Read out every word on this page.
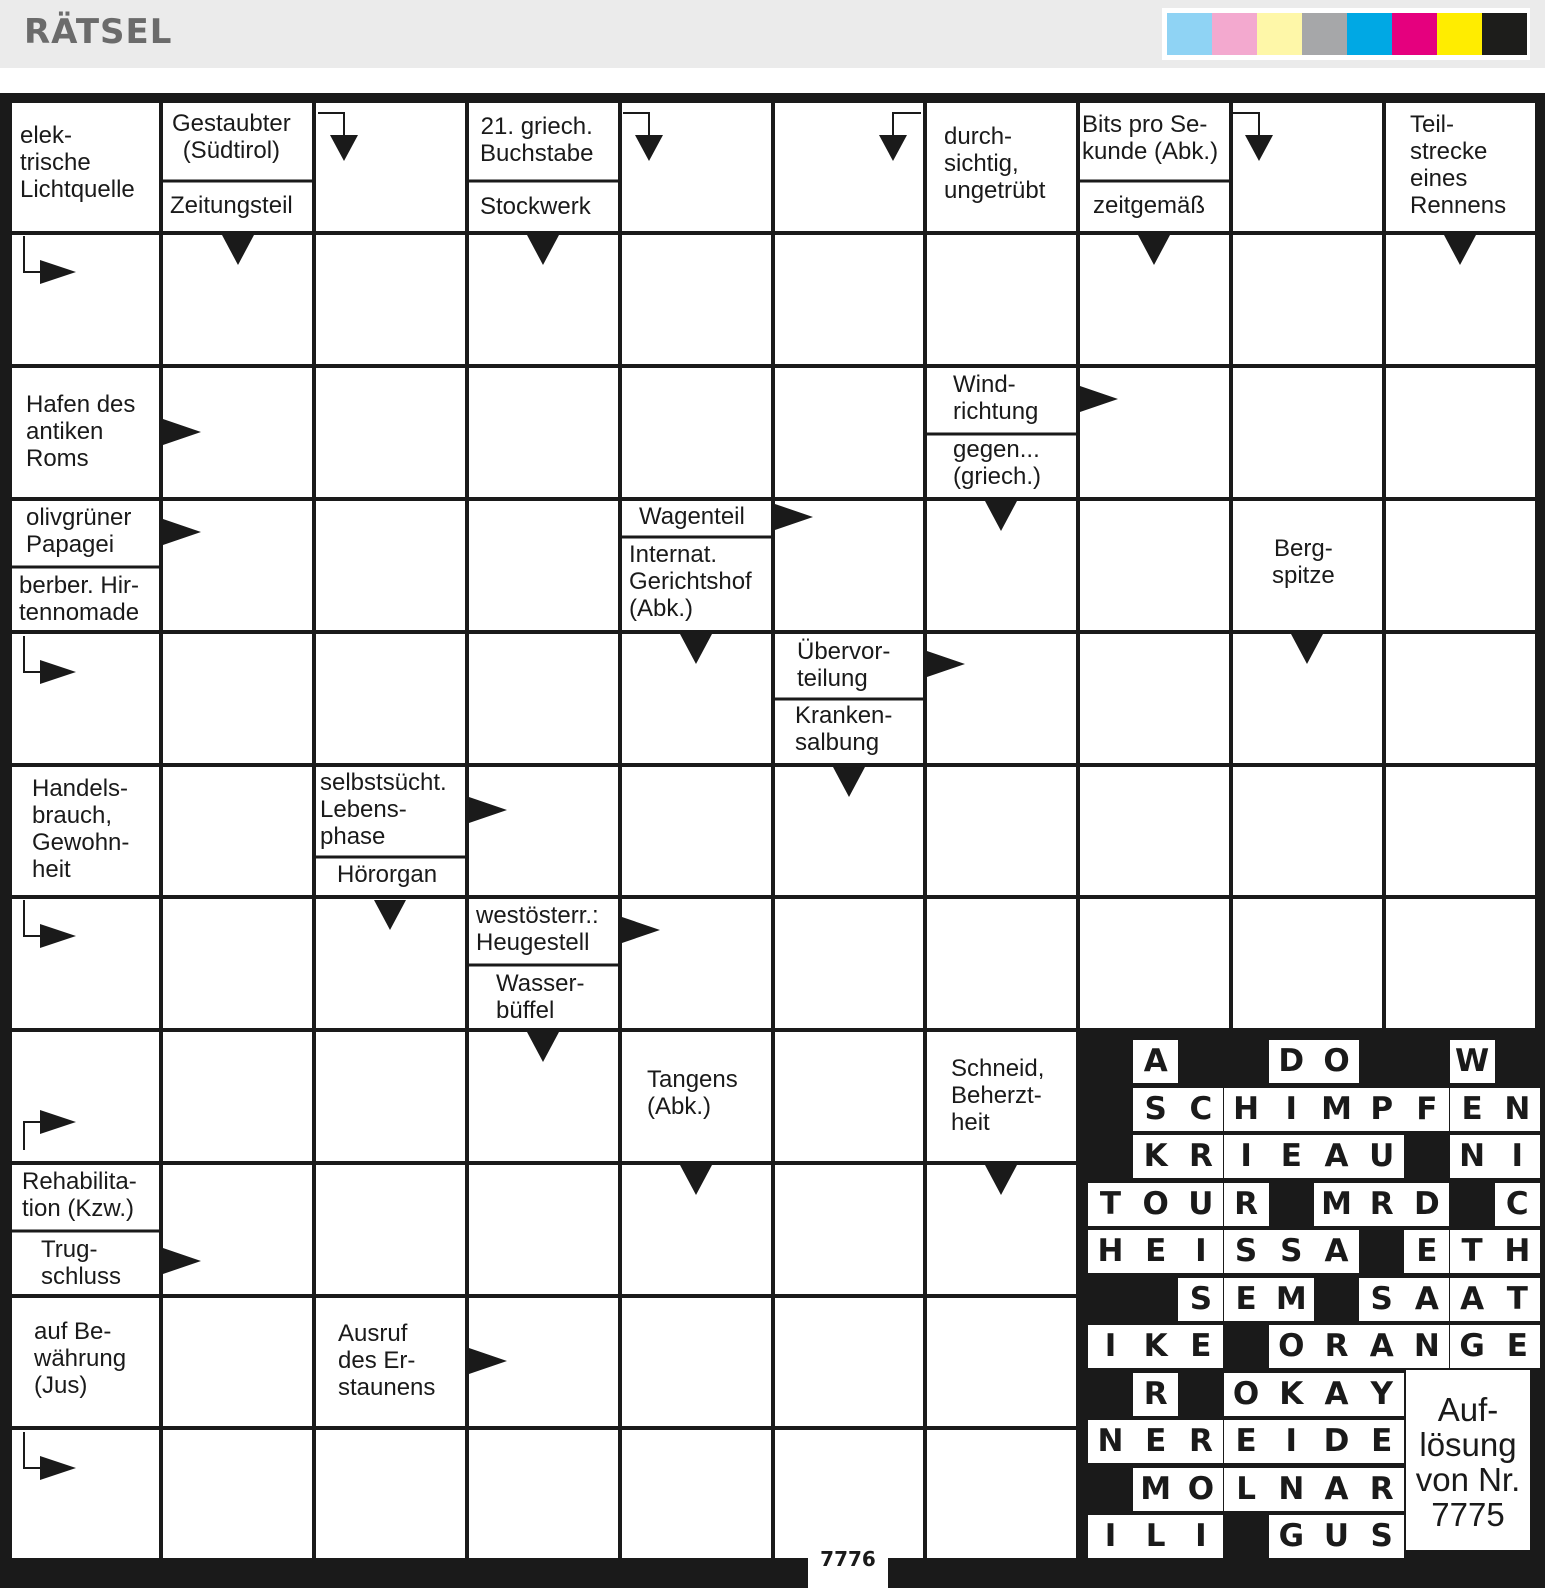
RÄTSEL
elek-
trische
Lichtquelle
Gestaubter
(Südtirol)
Zeitungsteil
21. griech.
Buchstabe
Stockwerk
durch-
sichtig,
ungetrübt
Bits pro Se-
kunde (Abk.)
zeitgemäß
Teil-
strecke
eines
Rennens
Hafen des
antiken
Roms
Wind-
richtung
gegen...
(griech.)
olivgrüner
Papagei
berber. Hir-
tennomade
Wagenteil
Internat.
Gerichtshof
(Abk.)
Berg-
spitze
Übervor-
teilung
Kranken-
salbung
Handels-
brauch,
Gewohn-
heit
selbstsücht.
Lebens-
phase
Hörorgan
westösterr.:
Heugestell
Wasser-
büffel
Tangens
(Abk.)
Schneid,
Beherzt-
heit
Rehabilita-
tion (Kzw.)
Trug-
schluss
auf Be-
währung
(Jus)
Ausruf
des Er-
staunens
A	D O	W
S C H I M P F E N
K R I E A U	N I
T O U R	M R D	C
H E I S S A	E T H
S E M	S A A T
I K E	O R A N G E
R	O K A Y
N E R E I D E
M O L N A R
I L I	G U S
Auf-
lösung
von Nr.
7775
7776
